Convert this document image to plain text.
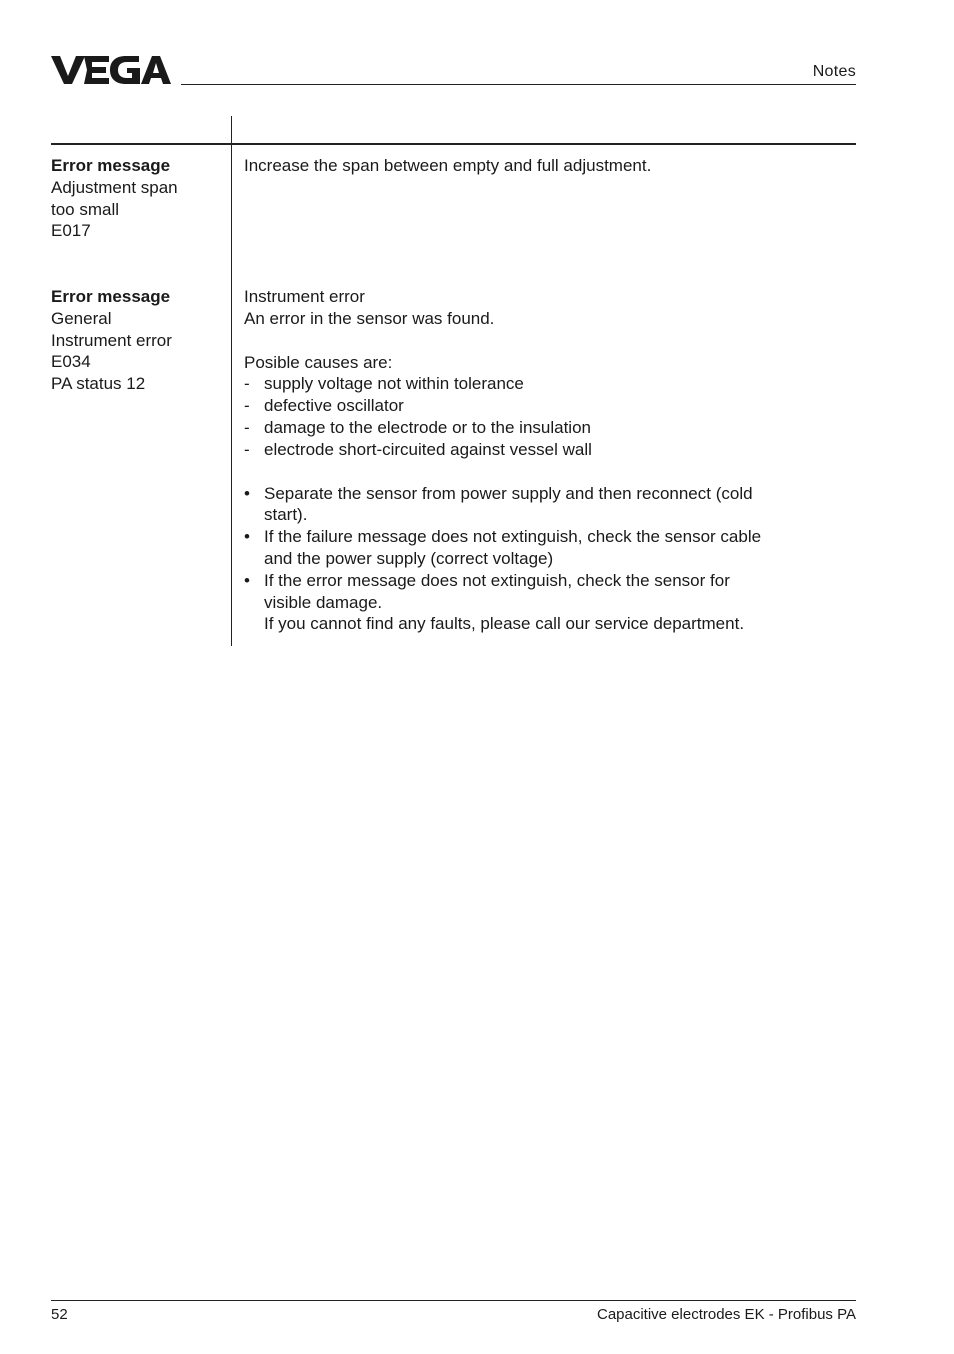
Notes
Error message
Adjustment span
too small
E017
Increase the span between empty and full adjustment.
Error message
General
Instrument error
E034
PA status 12
Instrument error
An error in the sensor was found.
Posible causes are:
- supply voltage not within tolerance
- defective oscillator
- damage to the electrode or to the insulation
- electrode short-circuited against vessel wall
• Separate the sensor from power supply and then reconnect (cold
start).
• If the failure message does not extinguish, check the sensor cable
and the power supply (correct voltage)
• If the error message does not extinguish, check the sensor for
visible damage.
If you cannot find any faults, please call our service department.
52	Capacitive electrodes EK - Profibus PA
